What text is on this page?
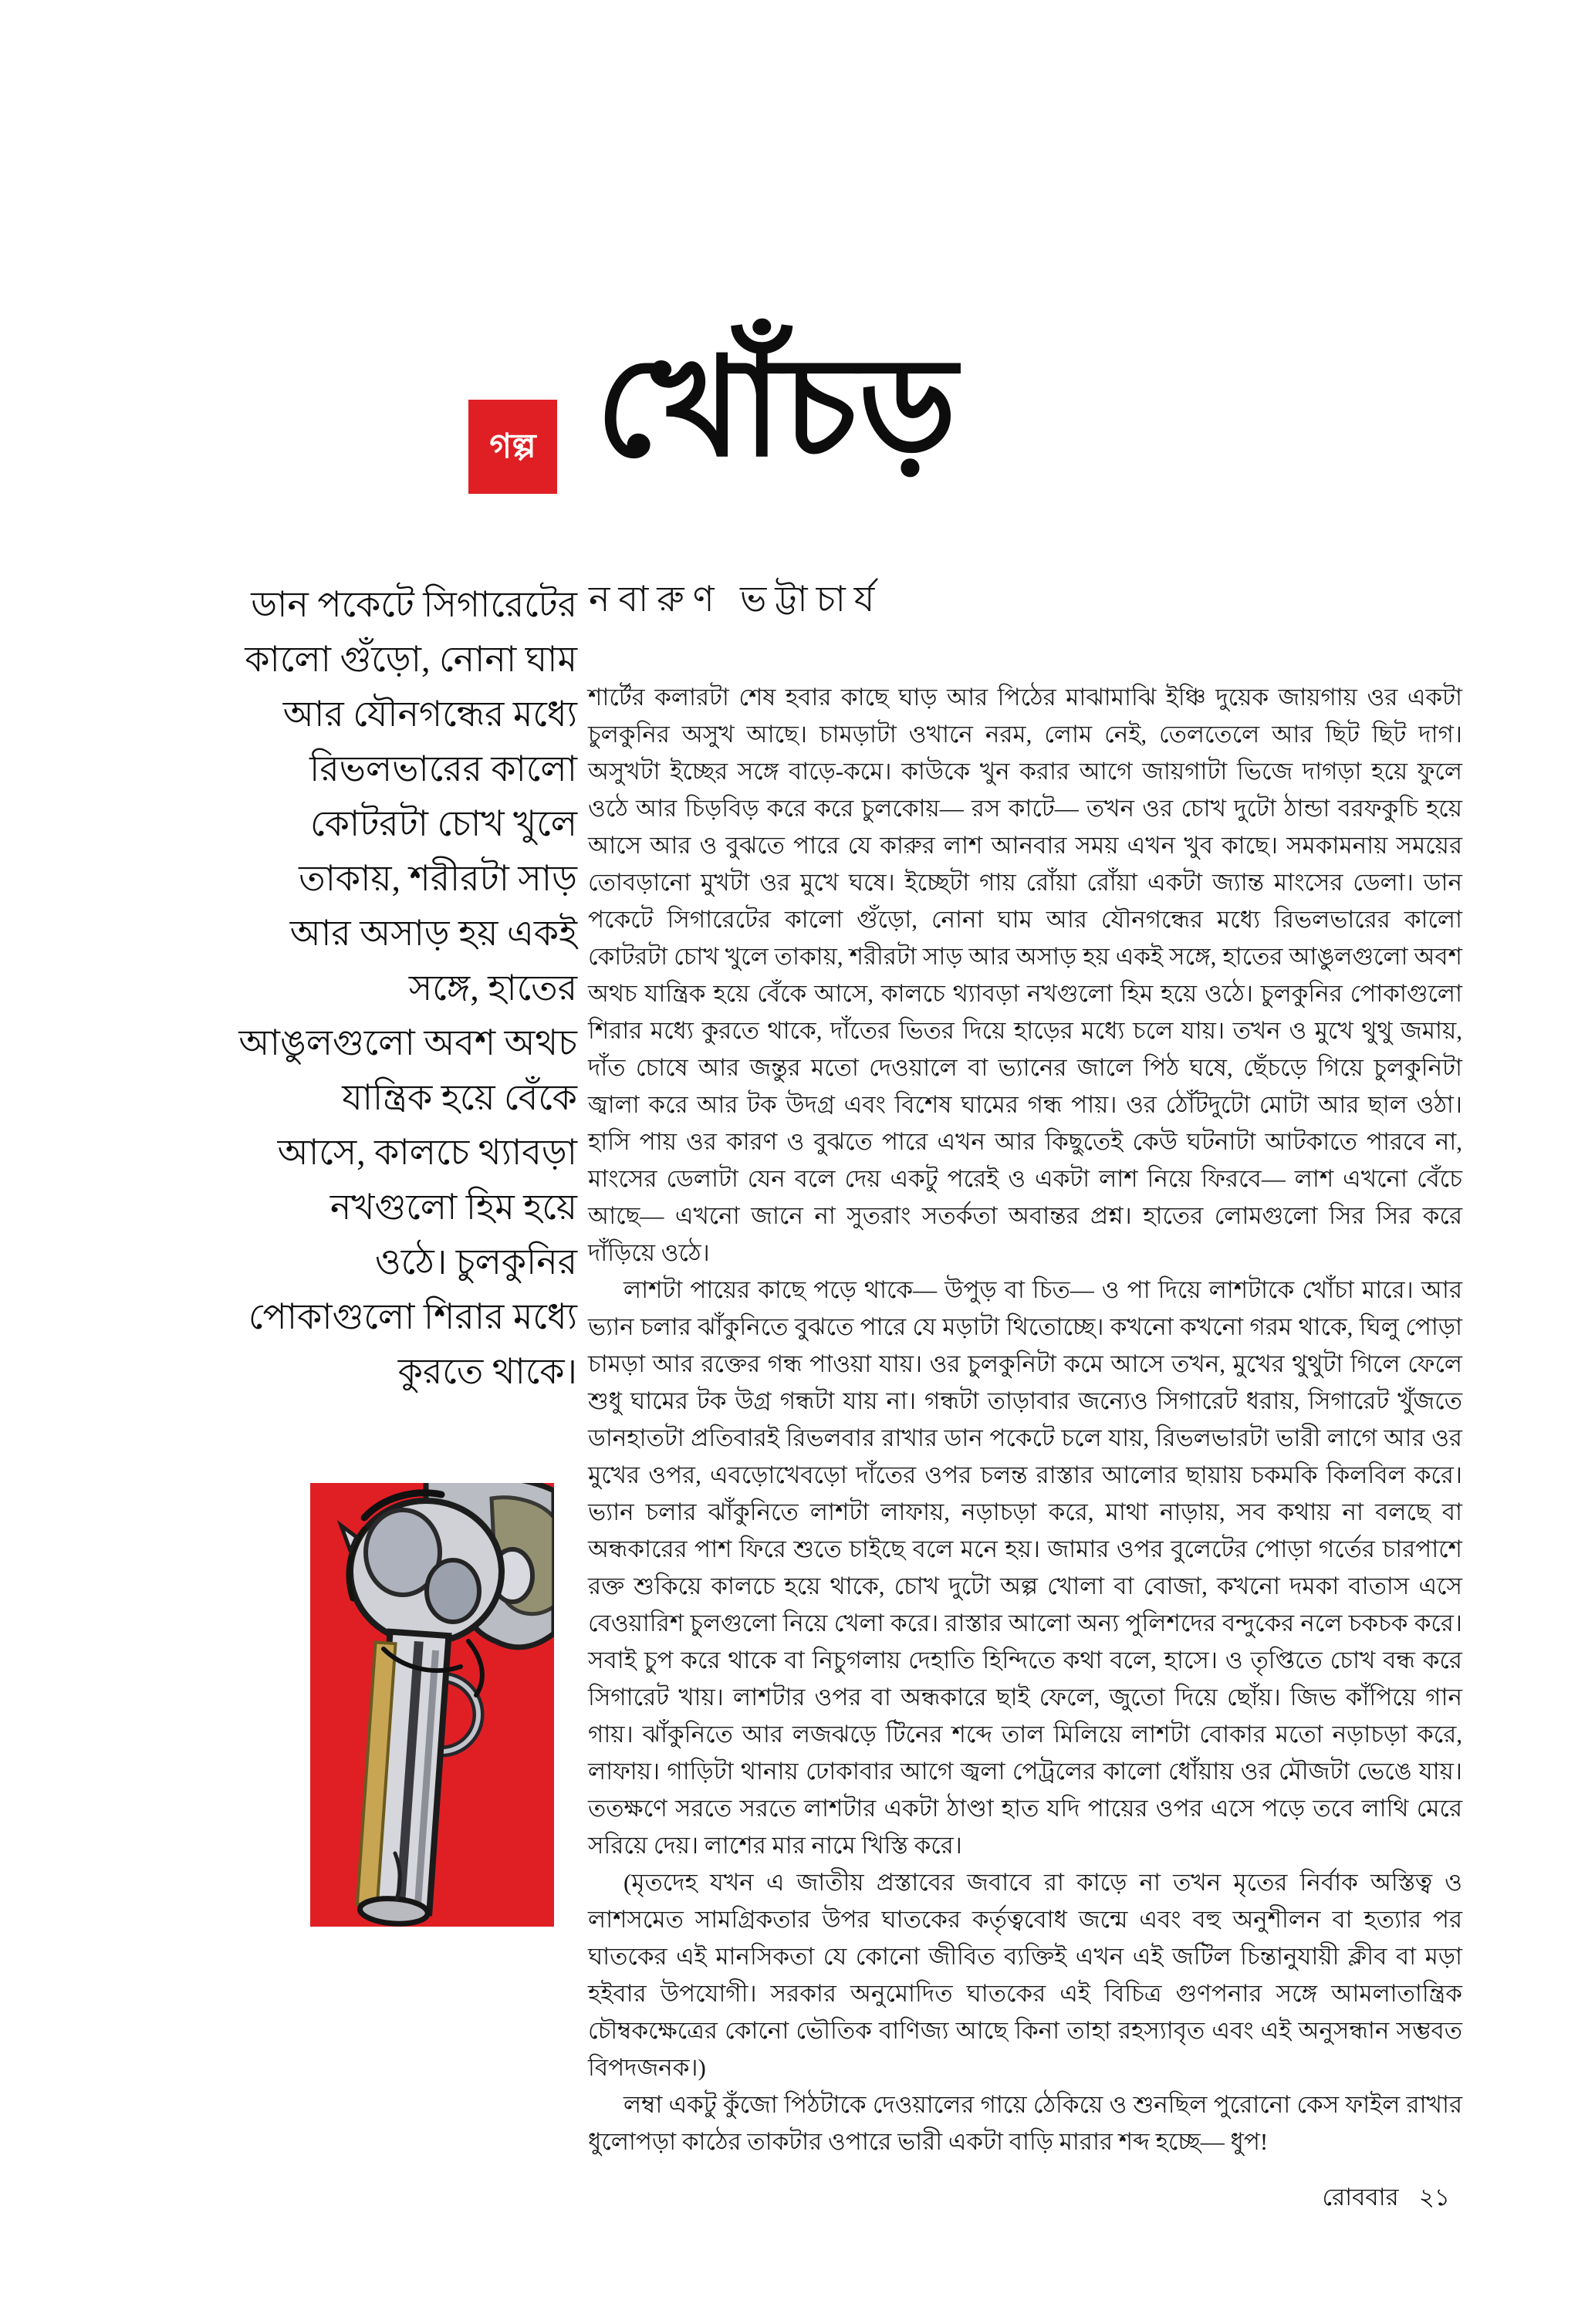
গল্প খোঁচড়
নবারুণ ভট্টাচার্য
ডান পকেটে সিগারেটের
কালো গুঁড়ো, নোনা ঘাম
আর যৌনগন্ধের মধ্যে
রিভলভারের কালো
কোটরটা চোখ খুলে
তাকায়, শরীরটা সাড়
আর অসাড় হয় একই
সঙ্গে, হাতের
আঙুলগুলো অবশ অথচ
যান্ত্রিক হয়ে বেঁকে
আসে, কালচে থ্যাবড়া
নখগুলো হিম হয়ে
ওঠে। চুলকুনির
পোকাগুলো শিরার মধ্যে
কুরতে থাকে।

শার্টের কলারটা শেষ হবার কাছে ঘাড় আর পিঠের মাঝামাঝি ইঞ্চি দুয়েক জায়গায় ওর একটা চুলকুনির অসুখ আছে। চামড়াটা ওখানে নরম, লোম নেই, তেলতেলে আর ছিট ছিট দাগ। অসুখটা ইচ্ছের সঙ্গে বাড়ে-কমে। কাউকে খুন করার আগে জায়গাটা ভিজে দাগড়া হয়ে ফুলে ওঠে আর চিড়বিড় করে করে চুলকোয়— রস কাটে— তখন ওর চোখ দুটো ঠান্ডা বরফকুচি হয়ে আসে আর ও বুঝতে পারে যে কারুর লাশ আনবার সময় এখন খুব কাছে। সমকামনায় সময়ের তোবড়ানো মুখটা ওর মুখে ঘষে। ইচ্ছেটা গায় রোঁয়া রোঁয়া একটা জ্যান্ত মাংসের ডেলা। ডান পকেটে সিগারেটের কালো গুঁড়ো, নোনা ঘাম আর যৌনগন্ধের মধ্যে রিভলভারের কালো কোটরটা চোখ খুলে তাকায়, শরীরটা সাড় আর অসাড় হয় একই সঙ্গে, হাতের আঙুলগুলো অবশ অথচ যান্ত্রিক হয়ে বেঁকে আসে, কালচে থ্যাবড়া নখগুলো হিম হয়ে ওঠে। চুলকুনির পোকাগুলো শিরার মধ্যে কুরতে থাকে, দাঁতের ভিতর দিয়ে হাড়ের মধ্যে চলে যায়। তখন ও মুখে থুথু জমায়, দাঁত চোষে আর জন্তুর মতো দেওয়ালে বা ভ্যানের জালে পিঠ ঘষে, ছেঁচড়ে গিয়ে চুলকুনিটা জ্বালা করে আর টক উদগ্র এবং বিশেষ ঘামের গন্ধ পায়। ওর ঠোঁটদুটো মোটা আর ছাল ওঠা। হাসি পায় ওর কারণ ও বুঝতে পারে এখন আর কিছুতেই কেউ ঘটনাটা আটকাতে পারবে না, মাংসের ডেলাটা যেন বলে দেয় একটু পরেই ও একটা লাশ নিয়ে ফিরবে— লাশ এখনো বেঁচে আছে— এখনো জানে না সুতরাং সতর্কতা অবান্তর প্রশ্ন। হাতের লোমগুলো সির সির করে দাঁড়িয়ে ওঠে।

লাশটা পায়ের কাছে পড়ে থাকে— উপুড় বা চিত— ও পা দিয়ে লাশটাকে খোঁচা মারে। আর ভ্যান চলার ঝাঁকুনিতে বুঝতে পারে যে মড়াটা থিতোচ্ছে। কখনো কখনো গরম থাকে, ঘিলু পোড়া চামড়া আর রক্তের গন্ধ পাওয়া যায়। ওর চুলকুনিটা কমে আসে তখন, মুখের থুথুটা গিলে ফেলে শুধু ঘামের টক উগ্র গন্ধটা যায় না। গন্ধটা তাড়াবার জন্যেও সিগারেট ধরায়, সিগারেট খুঁজতে ডানহাতটা প্রতিবারই রিভলবার রাখার ডান পকেটে চলে যায়, রিভলভারটা ভারী লাগে আর ওর মুখের ওপর, এবড়োখেবড়ো দাঁতের ওপর চলন্ত রাস্তার আলোর ছায়ায় চকমকি কিলবিল করে। ভ্যান চলার ঝাঁকুনিতে লাশটা লাফায়, নড়াচড়া করে, মাথা নাড়ায়, সব কথায় না বলছে বা অন্ধকারের পাশ ফিরে শুতে চাইছে বলে মনে হয়। জামার ওপর বুলেটের পোড়া গর্তের চারপাশে রক্ত শুকিয়ে কালচে হয়ে থাকে, চোখ দুটো অল্প খোলা বা বোজা, কখনো দমকা বাতাস এসে বেওয়ারিশ চুলগুলো নিয়ে খেলা করে। রাস্তার আলো অন্য পুলিশদের বন্দুকের নলে চকচক করে। সবাই চুপ করে থাকে বা নিচুগলায় দেহাতি হিন্দিতে কথা বলে, হাসে। ও তৃপ্তিতে চোখ বন্ধ করে সিগারেট খায়। লাশটার ওপর বা অন্ধকারে ছাই ফেলে, জুতো দিয়ে ছোঁয়। জিভ কাঁপিয়ে গান গায়। ঝাঁকুনিতে আর লজঝড়ে টিনের শব্দে তাল মিলিয়ে লাশটা বোকার মতো নড়াচড়া করে, লাফায়। গাড়িটা থানায় ঢোকাবার আগে জ্বলা পেট্রলের কালো ধোঁয়ায় ওর মৌজটা ভেঙে যায়। ততক্ষণে সরতে সরতে লাশটার একটা ঠাণ্ডা হাত যদি পায়ের ওপর এসে পড়ে তবে লাথি মেরে সরিয়ে দেয়। লাশের মার নামে খিস্তি করে।

(মৃতদেহ যখন এ জাতীয় প্রস্তাবের জবাবে রা কাড়ে না তখন মৃতের নির্বাক অস্তিত্ব ও লাশসমেত সামগ্রিকতার উপর ঘাতকের কর্তৃত্ববোধ জন্মে এবং বহু অনুশীলন বা হত্যার পর ঘাতকের এই মানসিকতা যে কোনো জীবিত ব্যক্তিই এখন এই জটিল চিন্তানুযায়ী ক্লীব বা মড়া হইবার উপযোগী। সরকার অনুমোদিত ঘাতকের এই বিচিত্র গুণপনার সঙ্গে আমলাতান্ত্রিক চৌম্বকক্ষেত্রের কোনো ভৌতিক বাণিজ্য আছে কিনা তাহা রহস্যাবৃত এবং এই অনুসন্ধান সম্ভবত বিপদজনক।)

লম্বা একটু কুঁজো পিঠটাকে দেওয়ালের গায়ে ঠেকিয়ে ও শুনছিল পুরোনো কেস ফাইল রাখার ধুলোপড়া কাঠের তাকটার ওপারে ভারী একটা বাড়ি মারার শব্দ হচ্ছে— ধুপ!

রোববার ২১
